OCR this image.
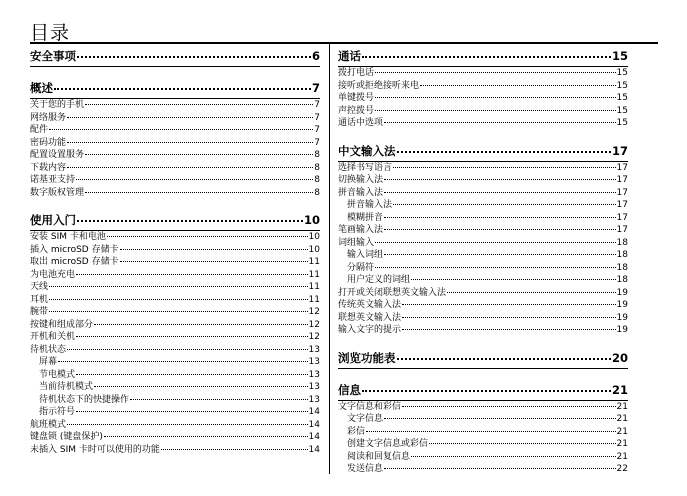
目录
安全事项	6
概述	7
关于您的手机	7
网络服务	7
配件	7
密码功能	7
配置设置服务	8
下载内容	8
诺基亚支持	8
数字版权管理	8
使用入门	10
安装 SIM 卡和电池	10
插入 microSD 存储卡	10
取出 microSD 存储卡	11
为电池充电	11
天线	11
耳机	11
腕带	12
按键和组成部分	12
开机和关机	12
待机状态	13
屏幕	13
节电模式	13
当前待机模式	13
待机状态下的快捷操作	13
指示符号	14
航班模式	14
键盘锁 (键盘保护)	14
未插入 SIM 卡时可以使用的功能	14
通话	15
拨打电话	15
接听或拒绝接听来电	15
单键拨号	15
声控拨号	15
通话中选项	15
中文输入法	17
选择书写语言	17
切换输入法	17
拼音输入法	17
拼音输入法	17
模糊拼音	17
笔画输入法	17
词组输入	18
输入词组	18
分隔符	18
用户定义的词组	18
打开或关闭联想英文输入法	19
传统英文输入法	19
联想英文输入法	19
输入文字的提示	19
浏览功能表	20
信息	21
文字信息和彩信	21
文字信息	21
彩信	21
创建文字信息或彩信	21
阅读和回复信息	21
发送信息	22
